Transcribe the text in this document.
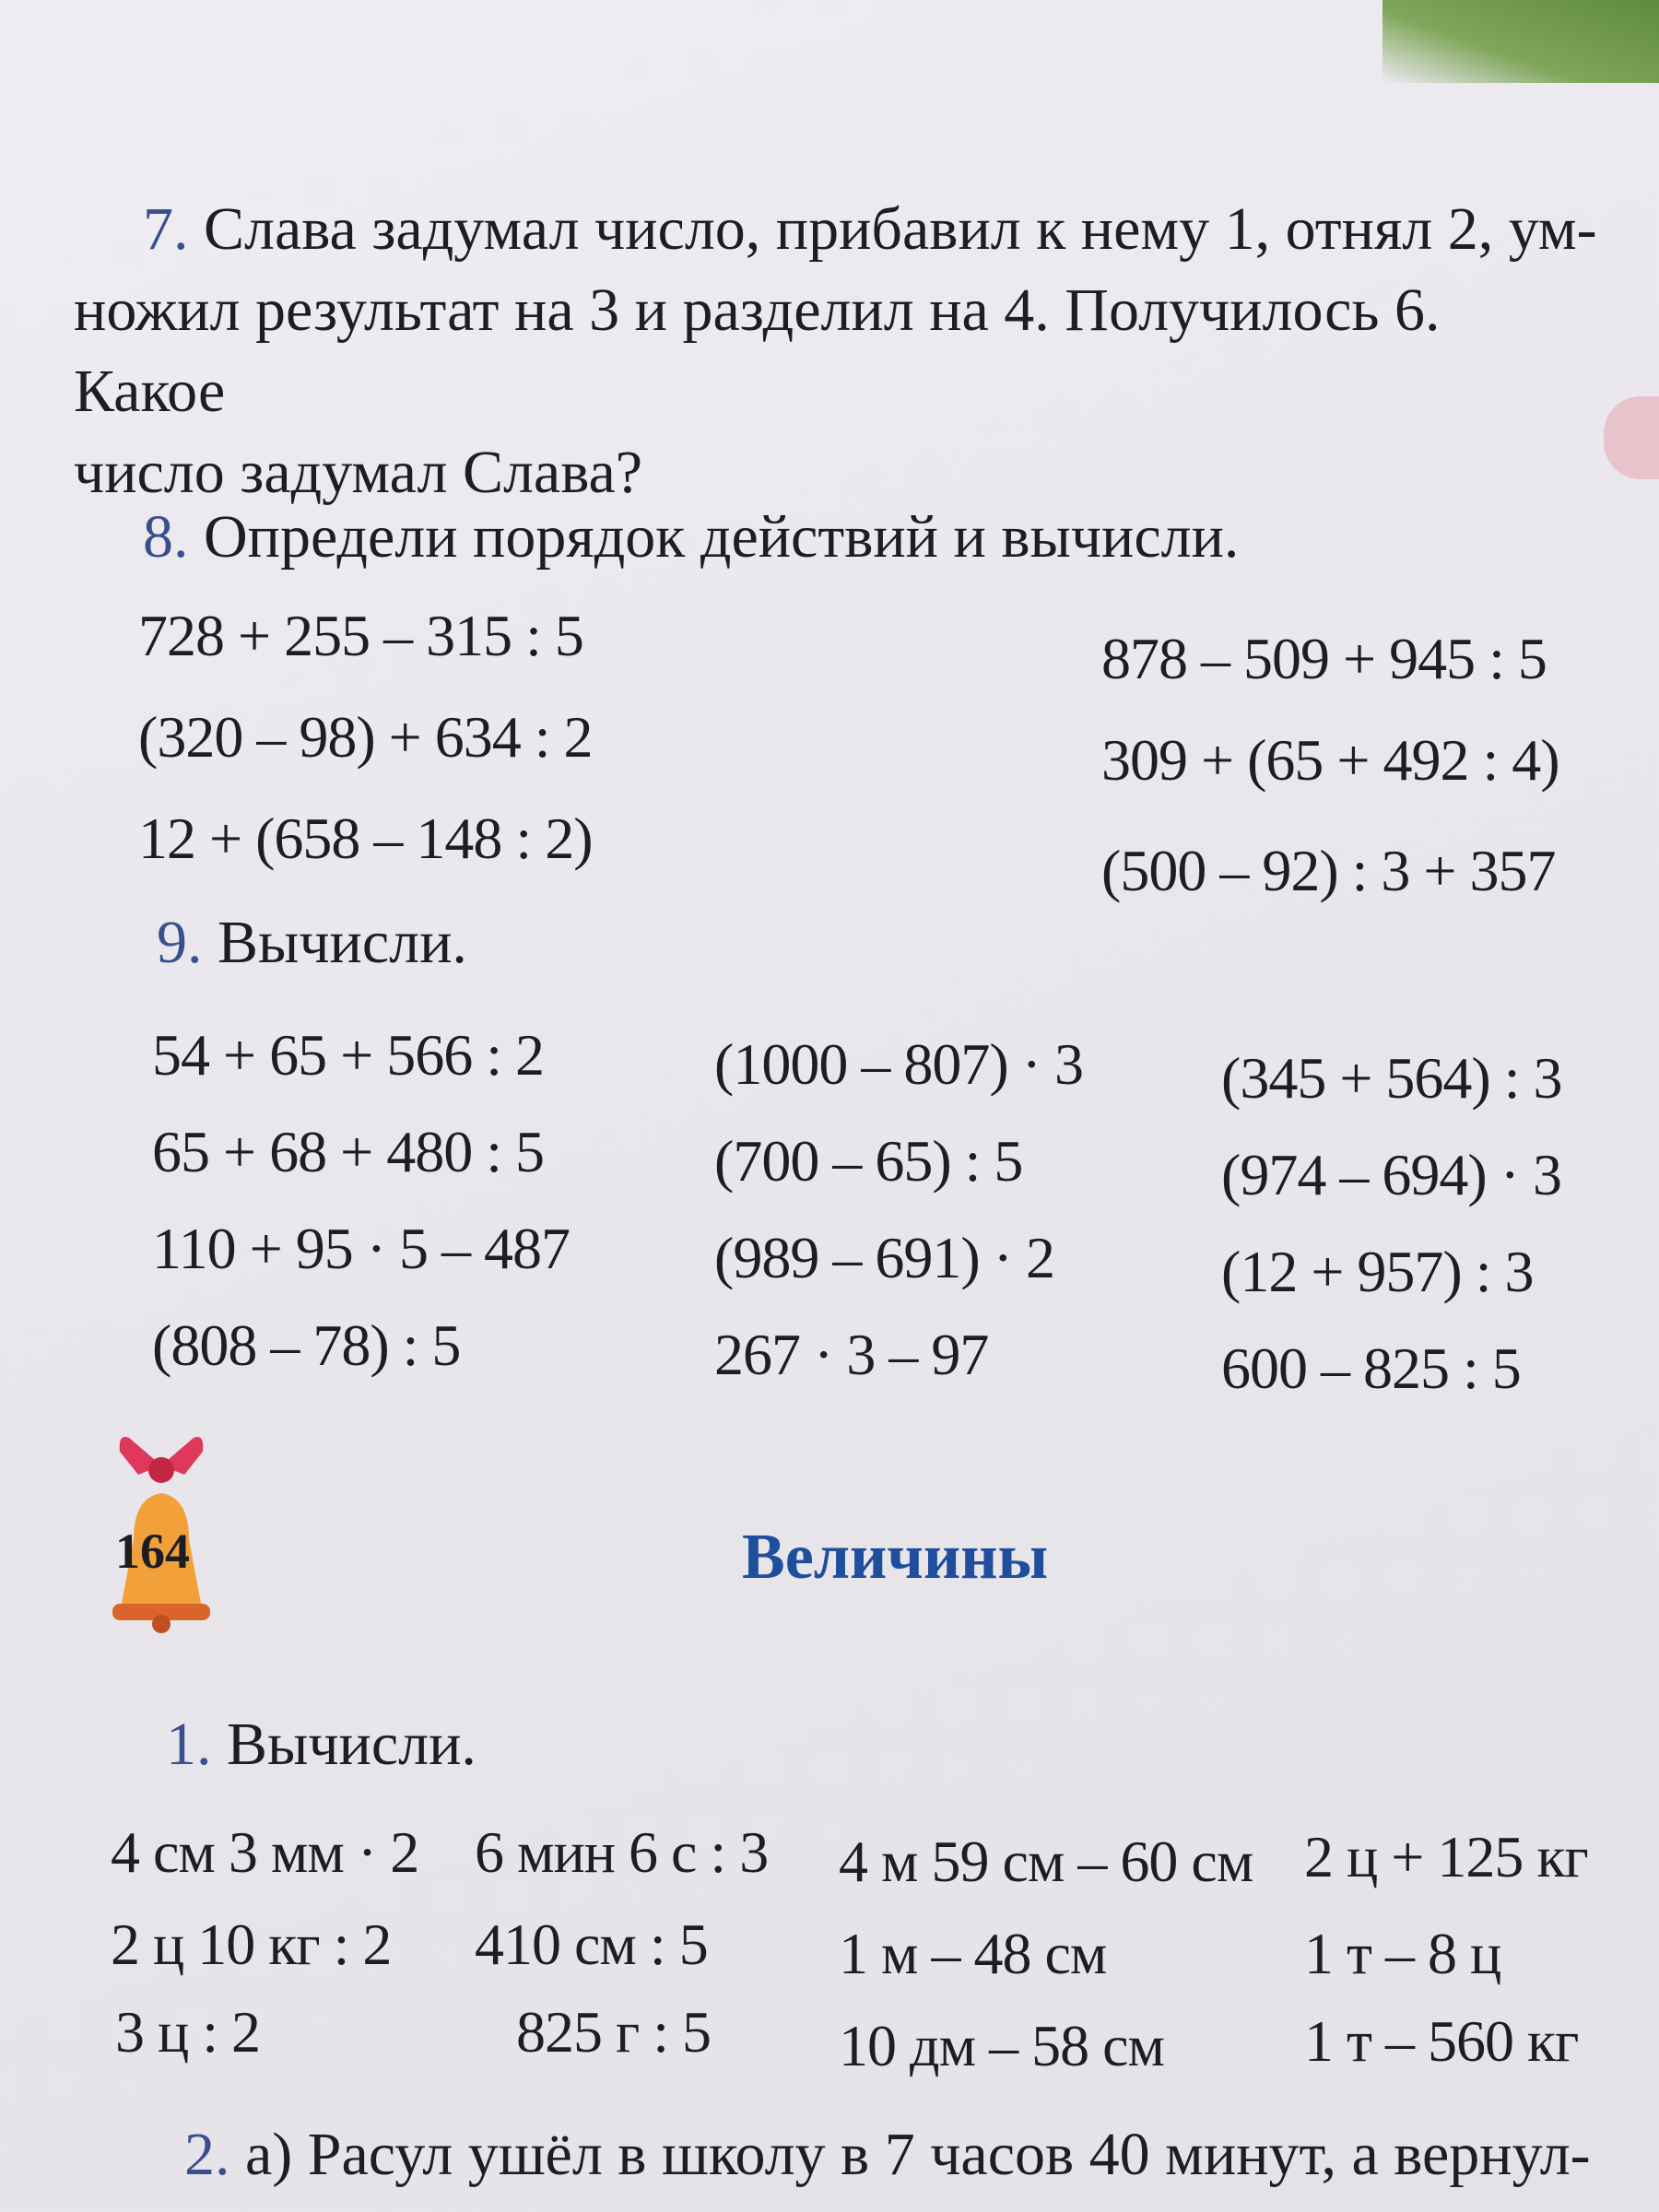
7. Слава задумал число, прибавил к нему 1, отнял 2, ум-
ножил результат на 3 и разделил на 4. Получилось 6. Какое
число задумал Слава?
8. Определи порядок действий и вычисли.
728 + 255 – 315 : 5
(320 – 98) + 634 : 2
12 + (658 – 148 : 2)
878 – 509 + 945 : 5
309 + (65 + 492 : 4)
(500 – 92) : 3 + 357
9. Вычисли.
54 + 65 + 566 : 2
65 + 68 + 480 : 5
110 + 95 · 5 – 487
(808 – 78) : 5
(1000 – 807) · 3
(700 – 65) : 5
(989 – 691) · 2
267 · 3 – 97
(345 + 564) : 3
(974 – 694) · 3
(12 + 957) : 3
600 – 825 : 5
164	Величины
1. Вычисли.
4 см 3 мм · 2
2 ц 10 кг : 2
3 ц : 2
6 мин 6 с : 3
410 см : 5
825 г : 5
4 м 59 см – 60 см
1 м – 48 см
10 дм – 58 см
2 ц + 125 кг
1 т – 8 ц
1 т – 560 кг
2. а) Расул ушёл в школу в 7 часов 40 минут, а вернул-
